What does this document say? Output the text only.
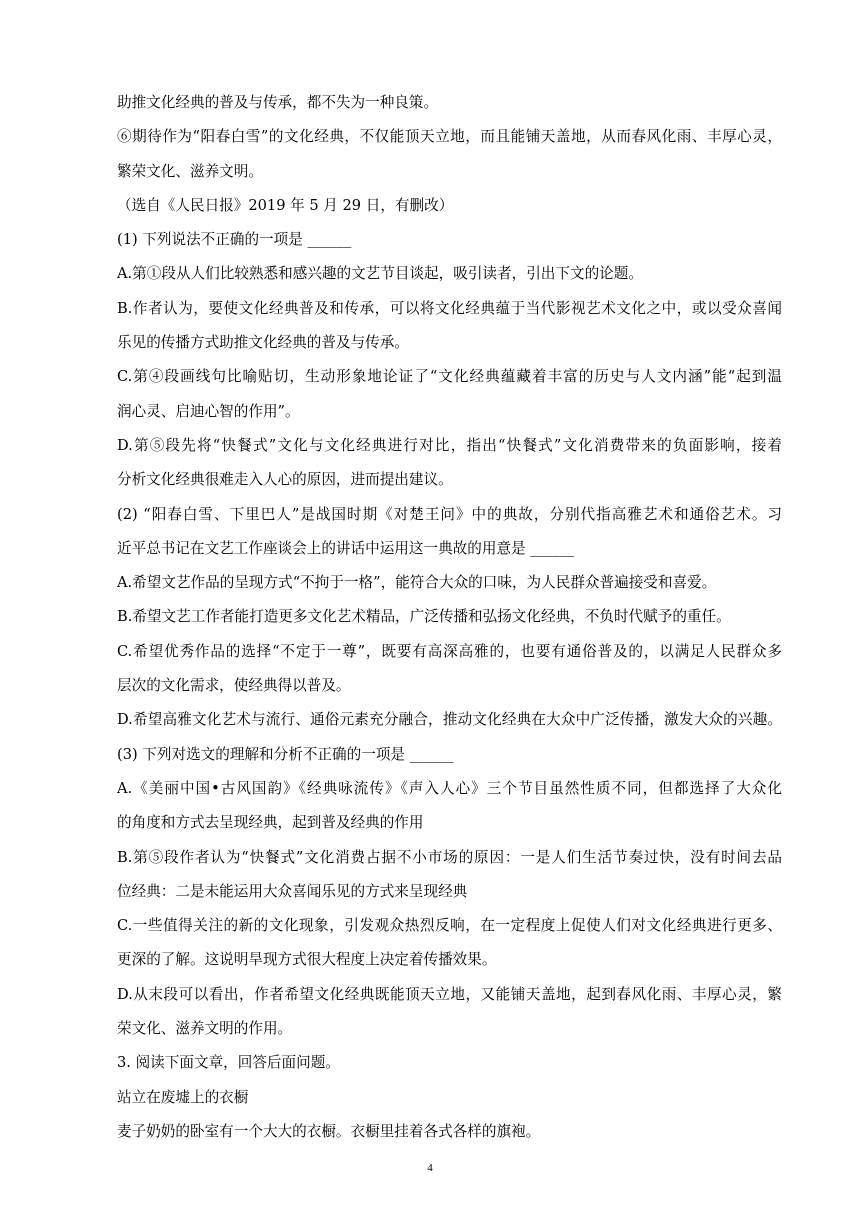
助推文化经典的普及与传承，都不失为一种良策。
⑥期待作为“阳春白雪”的文化经典，不仅能顶天立地，而且能铺天盖地，从而春风化雨、丰厚心灵，
繁荣文化、滋养文明。
（选自《人民日报》2019 年 5 月 29 日，有删改）
(1) 下列说法不正确的一项是 ______
A.第①段从人们比较熟悉和感兴趣的文艺节目谈起，吸引读者，引出下文的论题。
B.作者认为，要使文化经典普及和传承，可以将文化经典蕴于当代影视艺术文化之中，或以受众喜闻
乐见的传播方式助推文化经典的普及与传承。
C.第④段画线句比喻贴切，生动形象地论证了“文化经典蕴藏着丰富的历史与人文内涵”能“起到温
润心灵、启迪心智的作用”。
D.第⑤段先将“快餐式”文化与文化经典进行对比，指出“快餐式”文化消费带来的负面影响，接着
分析文化经典很难走入人心的原因，进而提出建议。
(2) “阳春白雪、下里巴人”是战国时期《对楚王问》中的典故，分别代指高雅艺术和通俗艺术。习
近平总书记在文艺工作座谈会上的讲话中运用这一典故的用意是 ______
A.希望文艺作品的呈现方式“不拘于一格”，能符合大众的口味，为人民群众普遍接受和喜爱。
B.希望文艺工作者能打造更多文化艺术精品，广泛传播和弘扬文化经典，不负时代赋予的重任。
C.希望优秀作品的选择“不定于一尊”，既要有高深高雅的，也要有通俗普及的，以满足人民群众多
层次的文化需求，使经典得以普及。
D.希望高雅文化艺术与流行、通俗元素充分融合，推动文化经典在大众中广泛传播，激发大众的兴趣。
(3) 下列对选文的理解和分析不正确的一项是 ______
A.《美丽中国•古风国韵》《经典咏流传》《声入人心》三个节目虽然性质不同，但都选择了大众化
的角度和方式去呈现经典，起到普及经典的作用
B.第⑤段作者认为“快餐式”文化消费占据不小市场的原因：一是人们生活节奏过快，没有时间去品
位经典：二是未能运用大众喜闻乐见的方式来呈现经典
C.一些值得关注的新的文化现象，引发观众热烈反响，在一定程度上促使人们对文化经典进行更多、
更深的了解。这说明旱现方式很大程度上决定着传播效果。
D.从末段可以看出，作者希望文化经典既能顶天立地，又能铺天盖地，起到春风化雨、丰厚心灵，繁
荣文化、滋养文明的作用。
3. 阅读下面文章，回答后面问题。
站立在废墟上的衣橱
麦子奶奶的卧室有一个大大的衣橱。衣橱里挂着各式各样的旗袍。
4
